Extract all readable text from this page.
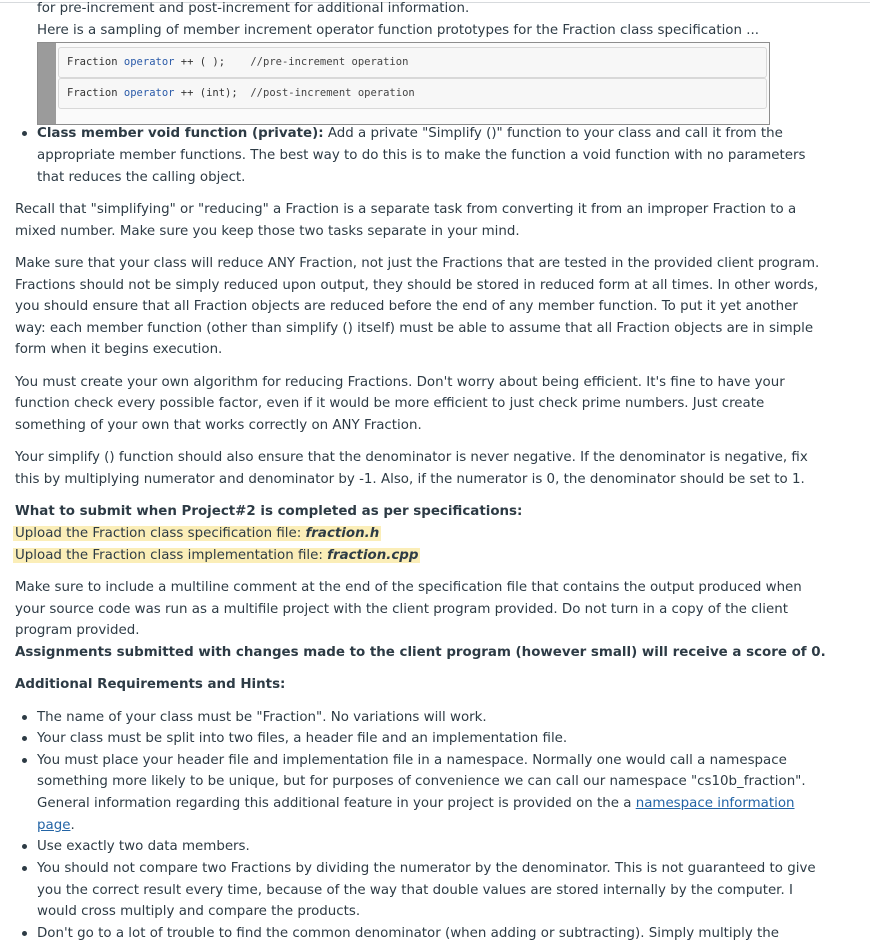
for pre-increment and post-increment for additional information.
Here is a sampling of member increment operator function prototypes for the Fraction class specification ...
Fraction operator ++ ( ); //pre-increment operation
Fraction operator ++ (int); //post-increment operation
Class member void function (private): Add a private "Simplify ()" function to your class and call it from the
appropriate member functions. The best way to do this is to make the function a void function with no parameters
that reduces the calling object.
Recall that "simplifying" or "reducing" a Fraction is a separate task from converting it from an improper Fraction to a
mixed number. Make sure you keep those two tasks separate in your mind.
Make sure that your class will reduce ANY Fraction, not just the Fractions that are tested in the provided client program.
Fractions should not be simply reduced upon output, they should be stored in reduced form at all times. In other words,
you should ensure that all Fraction objects are reduced before the end of any member function. To put it yet another
way: each member function (other than simplify () itself) must be able to assume that all Fraction objects are in simple
form when it begins execution.
You must create your own algorithm for reducing Fractions. Don't worry about being efficient. It's fine to have your
function check every possible factor, even if it would be more efficient to just check prime numbers. Just create
something of your own that works correctly on ANY Fraction.
Your simplify () function should also ensure that the denominator is never negative. If the denominator is negative, fix
this by multiplying numerator and denominator by -1. Also, if the numerator is 0, the denominator should be set to 1.
What to submit when Project#2 is completed as per specifications:
Upload the Fraction class specification file: fraction.h
Upload the Fraction class implementation file: fraction.cpp
Make sure to include a multiline comment at the end of the specification file that contains the output produced when
your source code was run as a multifile project with the client program provided. Do not turn in a copy of the client
program provided.
Assignments submitted with changes made to the client program (however small) will receive a score of 0.
Additional Requirements and Hints:
The name of your class must be "Fraction". No variations will work.
Your class must be split into two files, a header file and an implementation file.
You must place your header file and implementation file in a namespace. Normally one would call a namespace
something more likely to be unique, but for purposes of convenience we can call our namespace "cs10b_fraction".
General information regarding this additional feature in your project is provided on the a namespace information
page.
Use exactly two data members.
You should not compare two Fractions by dividing the numerator by the denominator. This is not guaranteed to give
you the correct result every time, because of the way that double values are stored internally by the computer. I
would cross multiply and compare the products.
Don't go to a lot of trouble to find the common denominator (when adding or subtracting). Simply multiply the
